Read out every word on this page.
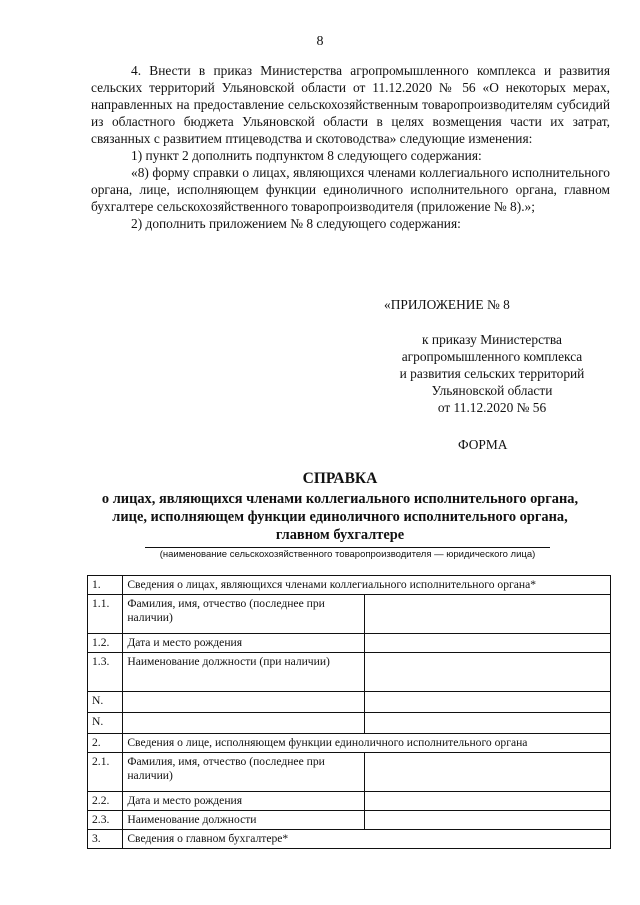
8

4. Внести в приказ Министерства агропромышленного комплекса и развития сельских территорий Ульяновской области от 11.12.2020 № 56 «О некоторых мерах, направленных на предоставление сельскохозяйственным товаропроизводителям субсидий из областного бюджета Ульяновской области в целях возмещения части их затрат, связанных с развитием птицеводства и скотоводства» следующие изменения:

1) пункт 2 дополнить подпунктом 8 следующего содержания:

«8) форму справки о лицах, являющихся членами коллегиального исполнительного органа, лице, исполняющем функции единоличного исполнительного органа, главном бухгалтере сельскохозяйственного товаропроизводителя (приложение № 8).»;

2) дополнить приложением № 8 следующего содержания:

«ПРИЛОЖЕНИЕ № 8

к приказу Министерства
агропромышленного комплекса
и развития сельских территорий
Ульяновской области
от 11.12.2020 № 56
ФОРМА
СПРАВКА
о лицах, являющихся членами коллегиального исполнительного органа,
лице, исполняющем функции единоличного исполнительного органа,
главном бухгалтере
(наименование сельскохозяйственного товаропроизводителя — юридического лица)
1.	Сведения о лицах, являющихся членами коллегиального исполнительного органа*	
1.1.	Фамилия, имя, отчество (последнее при наличии)	
1.2.	Дата и место рождения	
1.3.	Наименование должности (при наличии)	
N.		
N.		
2.	Сведения о лице, исполняющем функции единоличного исполнительного органа	
2.1.	Фамилия, имя, отчество (последнее при наличии)	
2.2.	Дата и место рождения	
2.3.	Наименование должности	
3.	Сведения о главном бухгалтере*	
